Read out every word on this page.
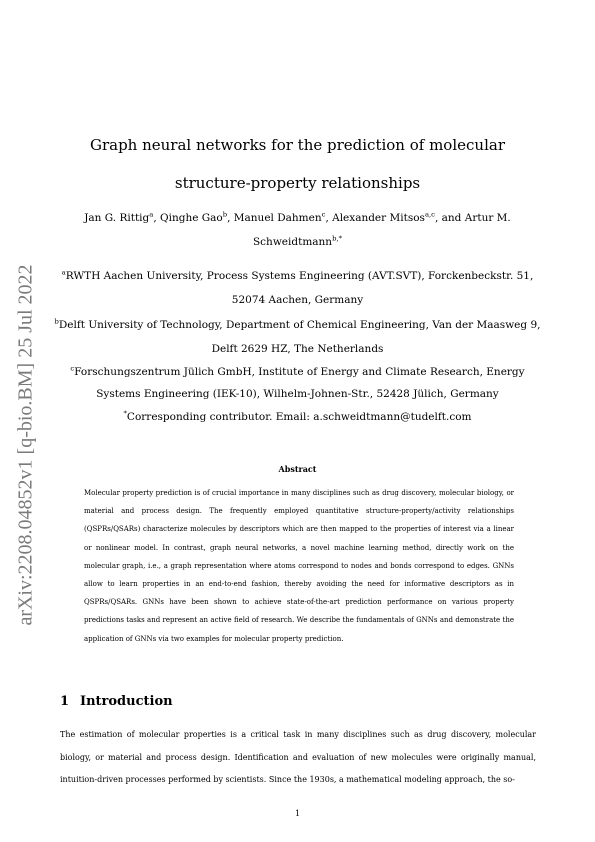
arXiv:2208.04852v1 [q-bio.BM] 25 Jul 2022
Graph neural networks for the prediction of molecular
structure-property relationships
Jan G. Rittig$^a$, Qinghe Gao$^b$, Manuel Dahmen$^c$, Alexander Mitsos$^{a,c}$, and Artur M.
Schweidtmann$^{b,*}$
$^a$RWTH Aachen University, Process Systems Engineering (AVT.SVT), Forckenbeckstr. 51,
52074 Aachen, Germany
$^b$Delft University of Technology, Department of Chemical Engineering, Van der Maasweg 9,
Delft 2629 HZ, The Netherlands
$^c$Forschungszentrum Jülich GmbH, Institute of Energy and Climate Research, Energy
Systems Engineering (IEK-10), Wilhelm-Johnen-Str., 52428 Jülich, Germany
*Corresponding contributor. Email: a.schweidtmann@tudelft.com
Abstract
Molecular property prediction is of crucial importance in many disciplines such as drug discovery, molecular biology, or material and process design. The frequently employed quantitative structure-property/activity relationships (QSPRs/QSARs) characterize molecules by descriptors which are then mapped to the properties of interest via a linear or nonlinear model. In contrast, graph neural networks, a novel machine learning method, directly work on the molecular graph, i.e., a graph representation where atoms correspond to nodes and bonds correspond to edges. GNNs allow to learn properties in an end-to-end fashion, thereby avoiding the need for informative descriptors as in QSPRs/QSARs. GNNs have been shown to achieve state-of-the-art prediction performance on various property predictions tasks and represent an active field of research. We describe the fundamentals of GNNs and demonstrate the application of GNNs via two examples for molecular property prediction.
1 Introduction
The estimation of molecular properties is a critical task in many disciplines such as drug discovery, molecular biology, or material and process design. Identification and evaluation of new molecules were originally manual, intuition-driven processes performed by scientists. Since the 1930s, a mathematical modeling approach, the so-
1
